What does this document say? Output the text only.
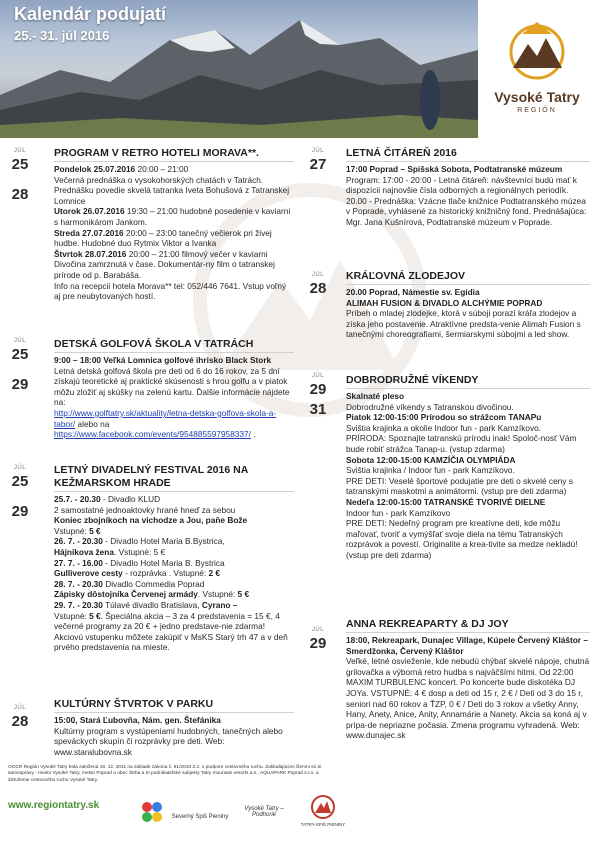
Kalendár podujatí
25.- 31. júl 2016
Vysoké Tatry
REGIÓN
JÚL
25
28
PROGRAM V RETRO HOTELI MORAVA**.

Pondelok 25.07.2016 20:00 – 21:00

Večerná prednáška o vysokohorských chatách v Tatrách. Prednášku povedie skvelá tatranka Iveta Bohušová z Tatranskej Lomnice

Utorok 26.07.2016 19:30 – 21:00 hudobné posedenie v kaviarni s harmonikárom Jankom.

Streda 27.07.2016 20:00 – 23:00 tanečný večierok pri živej hudbe. Hudobné duo Rytmix Viktor a Ivanka

Štvrtok 28.07.2016 20:00 – 21:00 filmový večer v kaviarni Divočina zamrznutá v čase. Dokumentár-ny film o tatranskej prírode od p. Barabáša.

Info na recepcii hotela Morava** tel: 052/446 7641. Vstup voľný aj pre neubytovaných hostí.

JÚL
25
29
DETSKÁ GOLFOVÁ ŠKOLA V TATRÁCH

9:00 – 18:00 Veľká Lomnica golfové ihrisko Black Stork

Letná detská golfová škola pre deti od 6 do 16 rokov, za 5 dní získajú teoretické aj praktické skúsenosti s hrou golfu a v piatok môžu zložiť aj skúšky na zelenú kartu. Ďalšie informácie nájdete na:

http://www.golftatry.sk/aktuality/letna-detska-golfova-skola-a-tabor/ alebo na

https://www.facebook.com/events/954885597958337/ .

JÚL
25
29
LETNÝ DIVADELNÝ FESTIVAL 2016 NA KEŽMARSKOM HRADE

25.7. - 20.30 - Divadlo KLUD

2 samostatné jednoaktovky hrané hneď za sebou

Koniec zbojníkoch na vichodze a Jou, paňe Bože

Vstupné: 5 €

26. 7. - 20.30 - Divadlo Hotel Maria B.Bystrica,

Hájnikova žena. Vstupné: 5 €

27. 7. - 16.00 - Divadlo Hotel Maria B. Bystrica

Gulliverove cesty - rozprávka . Vstupné: 2 €

28. 7. - 20.30 Divadlo Commedia Poprad

Zápisky dôstojníka Červenej armády. Vstupné: 5 €

29. 7. - 20.30 Túlavé divadlo Bratislava, Cyrano –

Vstupné: 5 €. Špeciálna akcia – 3 za 4 predstavenia = 15 €, 4 večerné programy za 20 € + jedno predstave-nie zdarma! Akciovú vstupenku môžete zakúpiť v MsKS Starý trh 47 a v deň prvého predstavenia na mieste.

JÚL
28
KULTÚRNY ŠTVRTOK V PARKU

15:00, Stará Ľubovňa, Nám. gen. Štefánika

Kultúrny program s vystúpeniami hudobných, tanečných alebo speváckych skupín či rozprávky pre deti. Web: www.staralubovna.sk

JÚL
27
LETNÁ ČITÁREŇ 2016

17:00 Poprad – Spišská Sobota, Podtatranské múzeum

Program: 17:00 - 20:00 - Letná čitáreň: návštevníci budú mať k dispozícii najnovšie čísla odborných a regionálnych periodík.

20.00 - Prednáška: Vzácne tlače knižnice Podtatranského múzea v Poprade, vyhlásené za historický knižničný fond. Prednášajúca: Mgr. Jana Kušnírová, Podtatranské múzeum v Poprade.

JÚL
28
KRÁĽOVNÁ ZLODEJOV

20.00 Poprad, Námestie sv. Egídia

ALIMAH FUSION & DIVADLO ALCHÝMIE POPRAD

Príbeh o mladej zlodejke, ktorá v súboji porazí kráľa zlodejov a získa jeho postavenie. Atraktívne predsta-venie Alimah Fusion s tanečnými choreografiami, šermiarskymi súbojmi a led show.

JÚL
29
31
DOBRODRUŽNÉ VÍKENDY

Skalnaté pleso

Dobrodružné víkendy s Tatranskou divočinou.

Piatok 12:00-15:00 Prírodou so strážcom TANAPu

Svištia krajinka a okolie Indoor fun - park Kamzíkovo.

PRÍRODA: Spoznajte tatranskú prírodu inak! Spoloč-nosť Vám bude robiť strážca Tanap-u. (vstup zdarma)

Sobota 12:00-15:00 KAMZÍČIA OLYMPIÁDA

Svištia krajinka / Indoor fun - park Kamzíkovo.

PRE DETI: Veselé športové podujatie pre deti o skvelé ceny s tatranskými maskotmi a animátormi. (vstup pre deti zdarma)

Nedeľa 12:00-15:00 TATRANSKÉ TVORIVÉ DIELNE

Indoor fun - park Kamzíkovo

PRE DETI: Nedeľný program pre kreatívne deti, kde môžu maľovať, tvoriť a vymýšľať svoje diela na tému Tatranských rozprávok a povestí. Originalite a krea-tivite sa medze nekladú! (vstup pre deti zdarma)

JÚL
29
ANNA REKREAPARTY & DJ JOY

18:00, Rekreapark, Dunajec Village, Kúpele Červený Kláštor – Smerdžonka, Červený Kláštor

Veľké, letné osvieženie, kde nebudú chýbať skvelé nápoje, chutná grilovačka a výborná retro hudba s najväčšími hitmi. Od 22:00 MAXIM TURBULENC koncert. Po koncerte bude diskotéka DJ JOYa. VSTUPNÉ: 4 € dosp a deti od 15 r, 2 € / Deti od 3 do 15 r, seniori nad 60 rokov a ŤZP, 0 € / Deti do 3 rokov a všetky Anny, Hany, Anety, Anice, Anity, Annamárie a Nanety. Akcia sa koná aj v prípa-de nepriazne počasia. Zmena programu vyhradená. Web: www.dunajec.sk

OOCR Región Vysoké Tatry bola založená 19. 12. 2011 na základe zákona č. 91/2010 Z.z. o podpore cestovného ruchu. Zakladajúcimi členmi sú tri samosprávy - mesto Vysoké Tatry, mesto Poprad a obec Štrba a tri podnikateľské subjekty Tatry mountain resorts a.s., AQUAPARK Poprad s.r.o. a Združenie cestovného ruchu Vysoké Tatry.
www.regiontatry.sk
Severný Spiš Pieniny
Vysoké Tatry – Podhorie
TATRY-SPIŠ PIENINY
